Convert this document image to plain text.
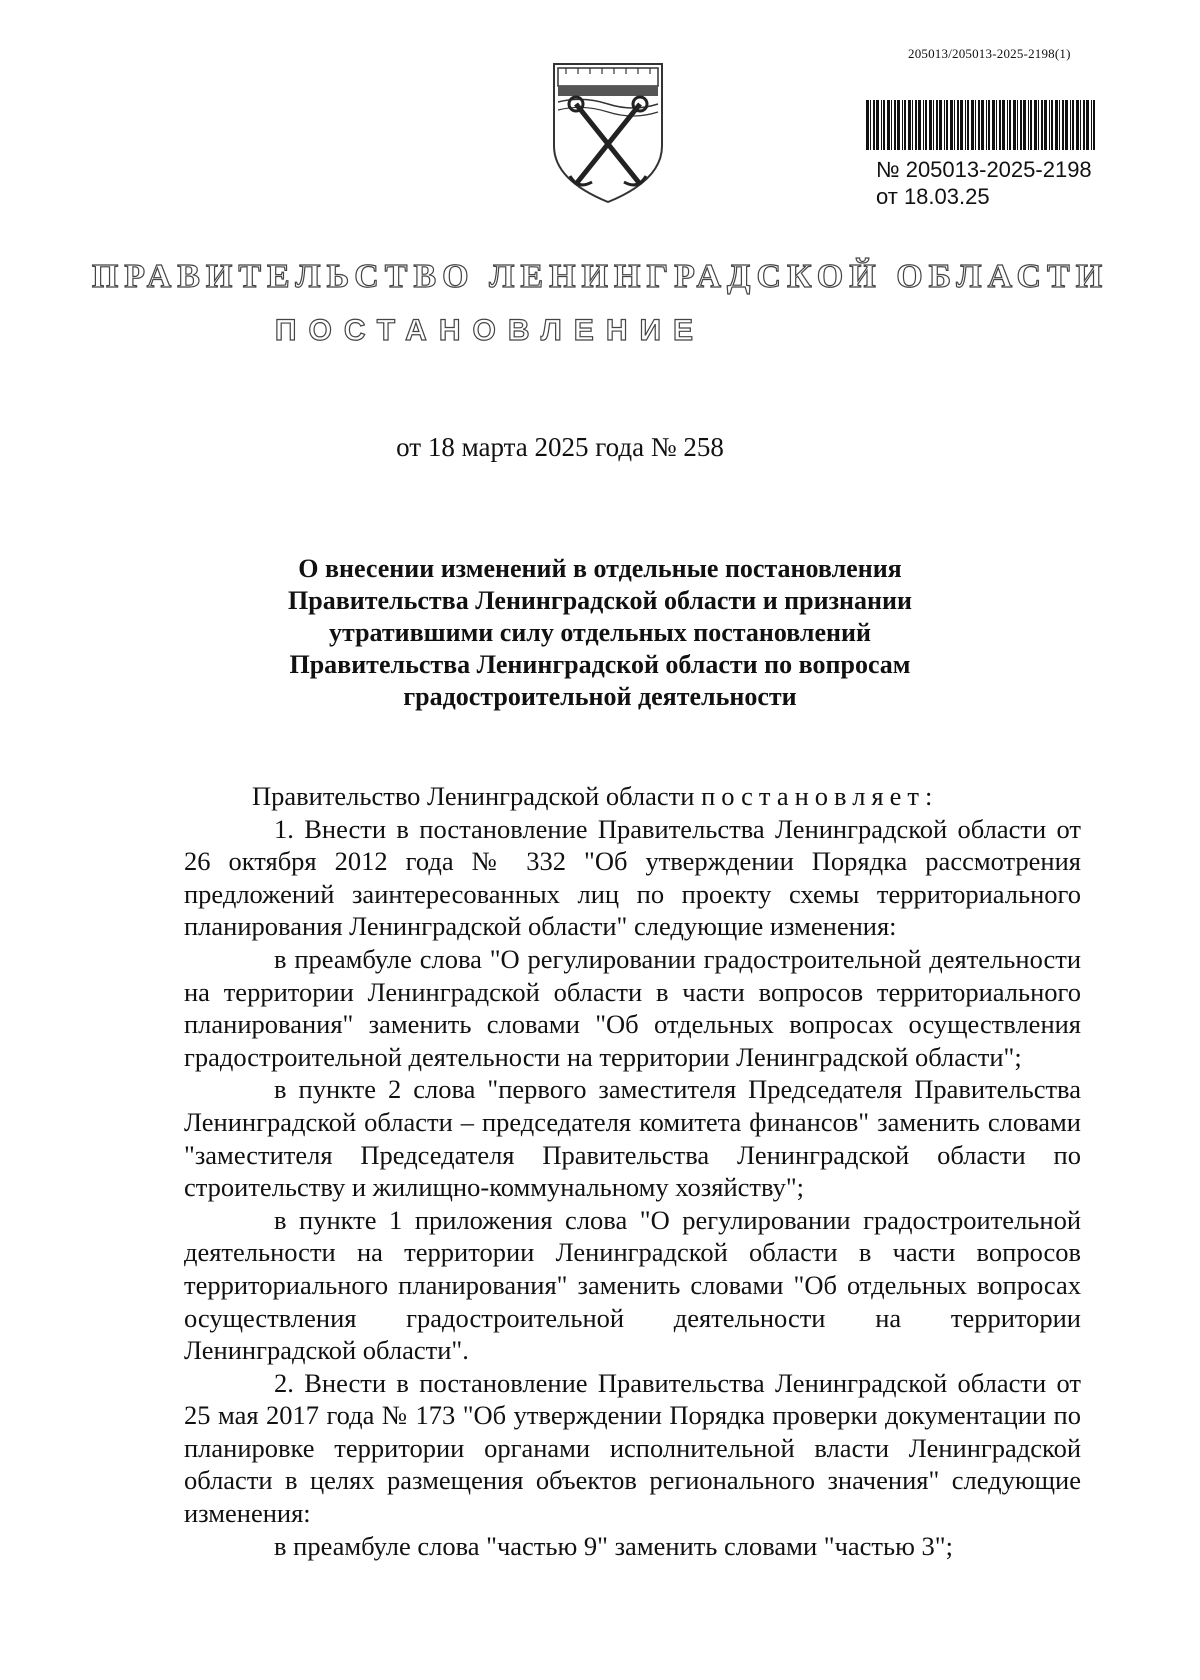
205013/205013-2025-2198(1)
№ 205013-2025-2198
от 18.03.25
ПРАВИТЕЛЬСТВО ЛЕНИНГРАДСКОЙ ОБЛАСТИ
ПОСТАНОВЛЕНИЕ
от 18 марта 2025 года № 258
О внесении изменений в отдельные постановления
Правительства Ленинградской области и признании
утратившими силу отдельных постановлений
Правительства Ленинградской области по вопросам
градостроительной деятельности

Правительство Ленинградской области постановляет:

1. Внести в постановление Правительства Ленинградской области от 26 октября 2012 года № 332 "Об утверждении Порядка рассмотрения предложений заинтересованных лиц по проекту схемы территориального планирования Ленинградской области" следующие изменения:

в преамбуле слова "О регулировании градостроительной деятельности на территории Ленинградской области в части вопросов территориального планирования" заменить словами "Об отдельных вопросах осуществления градостроительной деятельности на территории Ленинградской области";

в пункте 2 слова "первого заместителя Председателя Правительства Ленинградской области – председателя комитета финансов" заменить словами "заместителя Председателя Правительства Ленинградской области по строительству и жилищно-коммунальному хозяйству";

в пункте 1 приложения слова "О регулировании градостроительной деятельности на территории Ленинградской области в части вопросов территориального планирования" заменить словами "Об отдельных вопросах осуществления градостроительной деятельности на территории Ленинградской области".

2. Внести в постановление Правительства Ленинградской области от 25 мая 2017 года № 173 "Об утверждении Порядка проверки документации по планировке территории органами исполнительной власти Ленинградской области в целях размещения объектов регионального значения" следующие изменения:

в преамбуле слова "частью 9" заменить словами "частью 3";
